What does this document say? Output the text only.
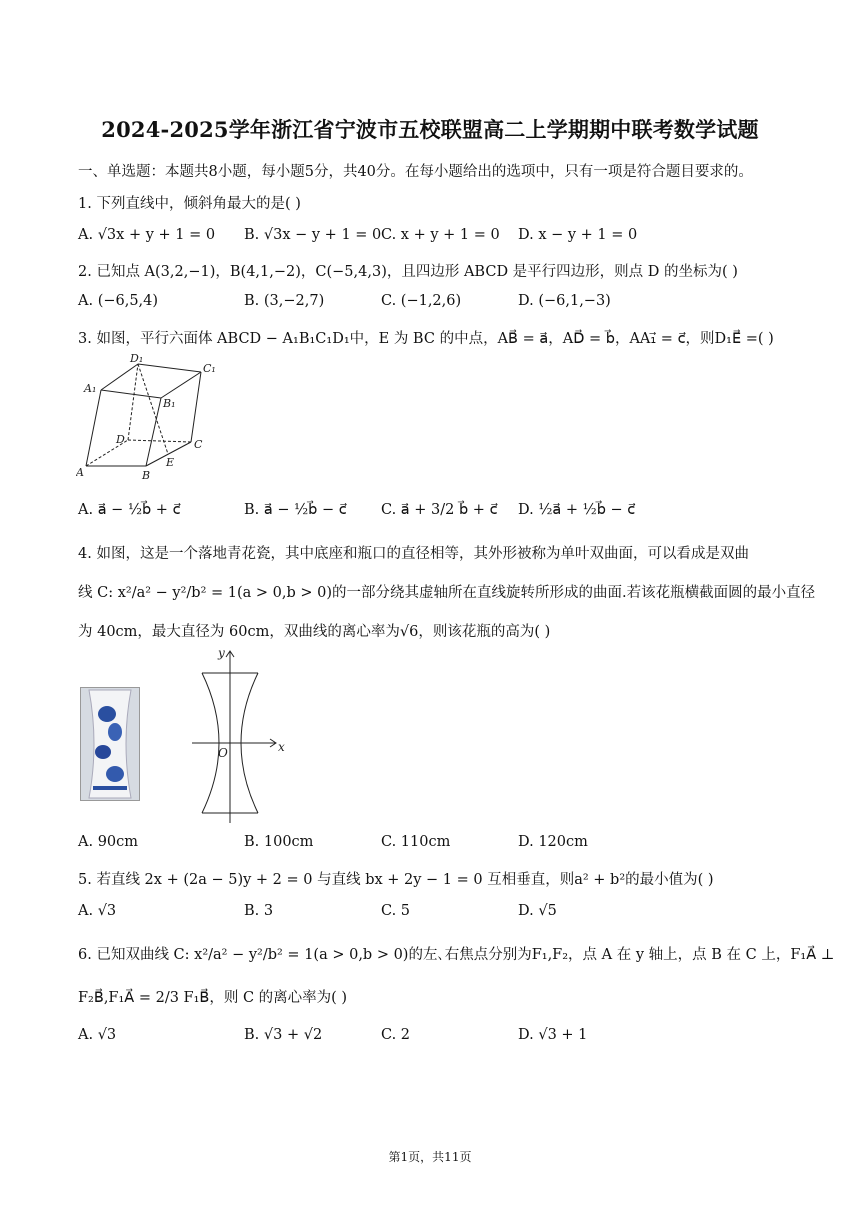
2024-2025学年浙江省宁波市五校联盟高二上学期期中联考数学试题
一、单选题：本题共8小题，每小题5分，共40分。在每小题给出的选项中，只有一项是符合题目要求的。
1. 下列直线中，倾斜角最大的是( )
A. √3x + y + 1 = 0 B. √3x − y + 1 = 0 C. x + y + 1 = 0 D. x − y + 1 = 0
2. 已知点 A(3,2,−1)，B(4,1,−2)，C(−5,4,3)，且四边形 ABCD 是平行四边形，则点 D 的坐标为( )
A. (−6,5,4)	B. (3,−2,7)	C. (−1,2,6)	D. (−6,1,−3)
3. 如图，平行六面体 ABCD − A₁B₁C₁D₁中，E 为 BC 的中点，AB⃗ = a⃗，AD⃗ = b⃗，AA₁⃗ = c⃗，则D₁E⃗ =( )
A	B
C
D
E
A₁
B₁
C₁
D₁
A. a⃗ − ½b⃗ + c⃗	B. a⃗ − ½b⃗ − c⃗ C. a⃗ + 3/2 b⃗ + c⃗ D. ½a⃗ + ½b⃗ − c⃗
4. 如图，这是一个落地青花瓷，其中底座和瓶口的直径相等，其外形被称为单叶双曲面，可以看成是双曲
线 C: x²/a² − y²/b² = 1(a > 0,b > 0)的一部分绕其虚轴所在直线旋转所形成的曲面.若该花瓶横截面圆的最小直径
为 40cm，最大直径为 60cm，双曲线的离心率为√6，则该花瓶的高为( )
x
y
O
A. 90cm	B. 100cm	C. 110cm	D. 120cm
5. 若直线 2x + (2a − 5)y + 2 = 0 与直线 bx + 2y − 1 = 0 互相垂直，则a² + b²的最小值为( )
A. √3	B. 3	C. 5	D. √5
6. 已知双曲线 C: x²/a² − y²/b² = 1(a > 0,b > 0)的左､右焦点分别为F₁,F₂，点 A 在 y 轴上，点 B 在 C 上，F₁A⃗ ⊥
F₂B⃗,F₁A⃗ = 2/3 F₁B⃗，则 C 的离心率为( )
A. √3	B. √3 + √2	C. 2	D. √3 + 1
第1页，共11页
